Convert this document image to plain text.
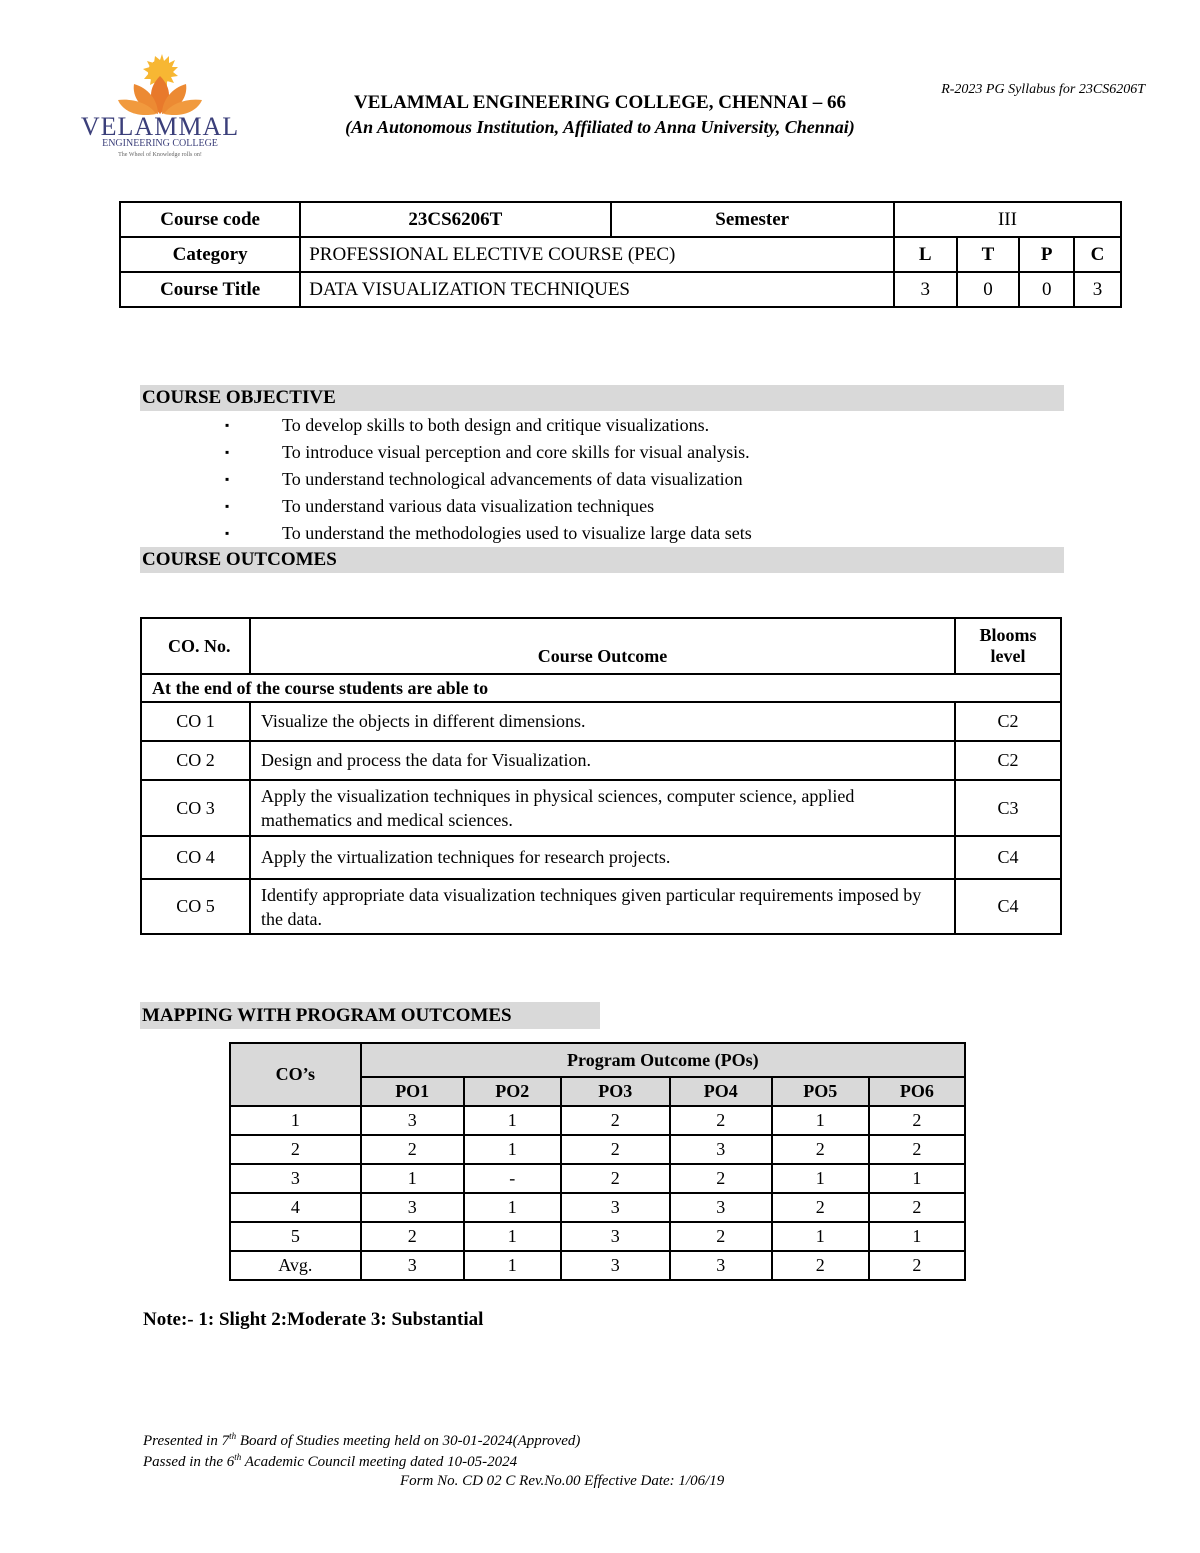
VELAMMAL
ENGINEERING COLLEGE
The Wheel of Knowledge rolls on!
VELAMMAL ENGINEERING COLLEGE, CHENNAI – 66
(An Autonomous Institution, Affiliated to Anna University, Chennai)
R-2023 PG Syllabus for 23CS6206T
Course code	23CS6206T	Semester	III			
Category	PROFESSIONAL ELECTIVE COURSE (PEC)		L	T	P	C
Course Title	DATA VISUALIZATION TECHNIQUES		3	0	0	3
COURSE OBJECTIVE
▪	To develop skills to both design and critique visualizations.
▪	To introduce visual perception and core skills for visual analysis.
▪	To understand technological advancements of data visualization
▪	To understand various data visualization techniques
▪	To understand the methodologies used to visualize large data sets
COURSE OUTCOMES
CO. No.	Course Outcome	Blooms level
At the end of the course students are able to		
CO 1	Visualize the objects in different dimensions.	C2
CO 2	Design and process the data for Visualization.	C2
CO 3	Apply the visualization techniques in physical sciences, computer science, applied mathematics and medical sciences.	C3
CO 4	Apply the virtualization techniques for research projects.	C4
CO 5	Identify appropriate data visualization techniques given particular requirements imposed by the data.	C4
MAPPING WITH PROGRAM OUTCOMES
CO’s	Program Outcome (POs)					
	PO1	PO2	PO3	PO4	PO5	PO6
1	3	1	2	2	1	2
2	2	1	2	3	2	2
3	1	-	2	2	1	1
4	3	1	3	3	2	2
5	2	1	3	2	1	1
Avg.	3	1	3	3	2	2
Note:- 1: Slight 2:Moderate 3: Substantial
Presented in 7th Board of Studies meeting held on 30-01-2024(Approved)
Passed in the 6th Academic Council meeting dated 10-05-2024
Form No. CD 02 C Rev.No.00 Effective Date: 1/06/19
